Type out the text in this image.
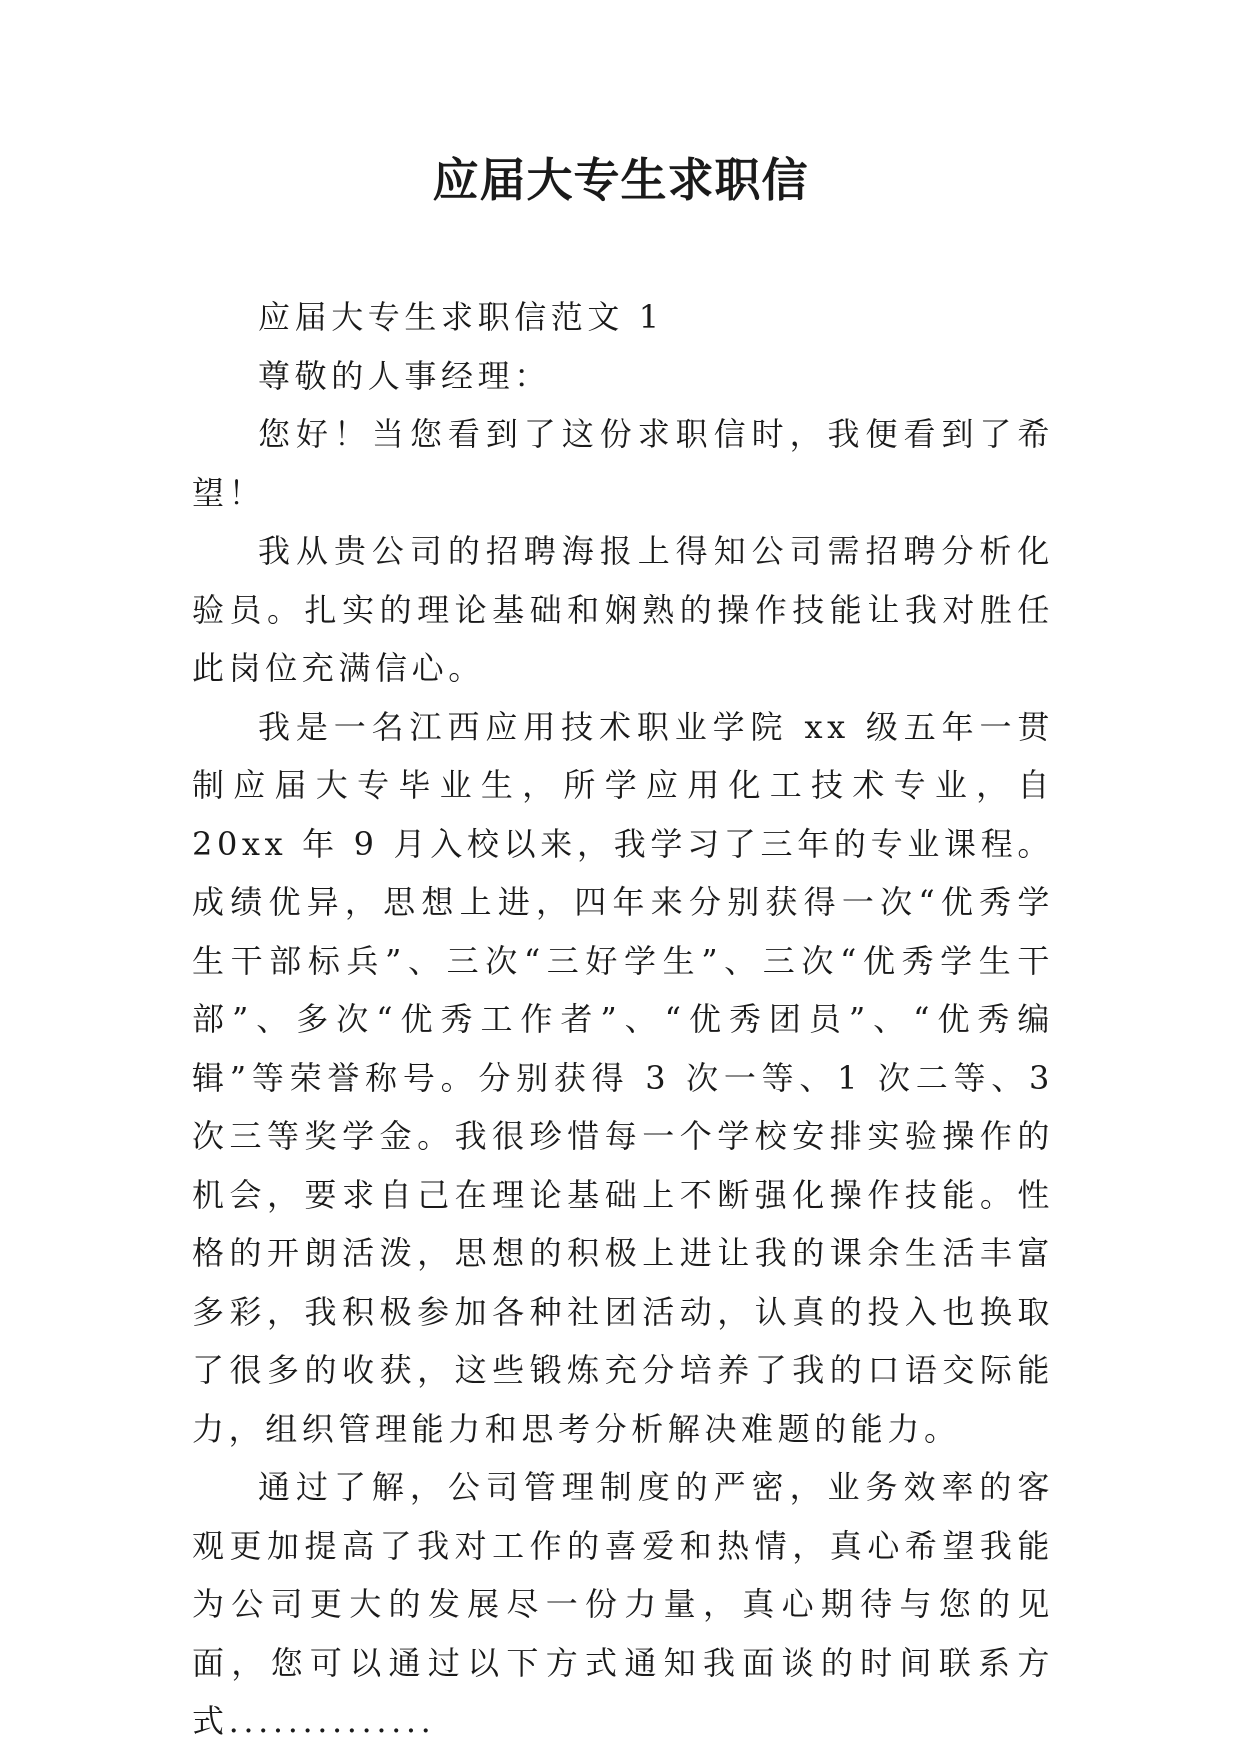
应届大专生求职信

应届大专生求职信范文 1

尊敬的人事经理：

您好！当您看到了这份求职信时，我便看到了希望！

我从贵公司的招聘海报上得知公司需招聘分析化验员。扎实的理论基础和娴熟的操作技能让我对胜任此岗位充满信心。

我是一名江西应用技术职业学院 xx 级五年一贯制应届大专毕业生，所学应用化工技术专业，自 20xx 年 9 月入校以来，我学习了三年的专业课程。成绩优异，思想上进，四年来分别获得一次“优秀学生干部标兵”、三次“三好学生”、三次“优秀学生干部”、多次“优秀工作者”、“优秀团员”、“优秀编辑”等荣誉称号。分别获得 3 次一等、1 次二等、3 次三等奖学金。我很珍惜每一个学校安排实验操作的机会，要求自己在理论基础上不断强化操作技能。性格的开朗活泼，思想的积极上进让我的课余生活丰富多彩，我积极参加各种社团活动，认真的投入也换取了很多的收获，这些锻炼充分培养了我的口语交际能力，组织管理能力和思考分析解决难题的能力。

通过了解，公司管理制度的严密，业务效率的客观更加提高了我对工作的喜爱和热情，真心希望我能为公司更大的发展尽一份力量，真心期待与您的见面，您可以通过以下方式通知我面谈的时间联系方式..............
